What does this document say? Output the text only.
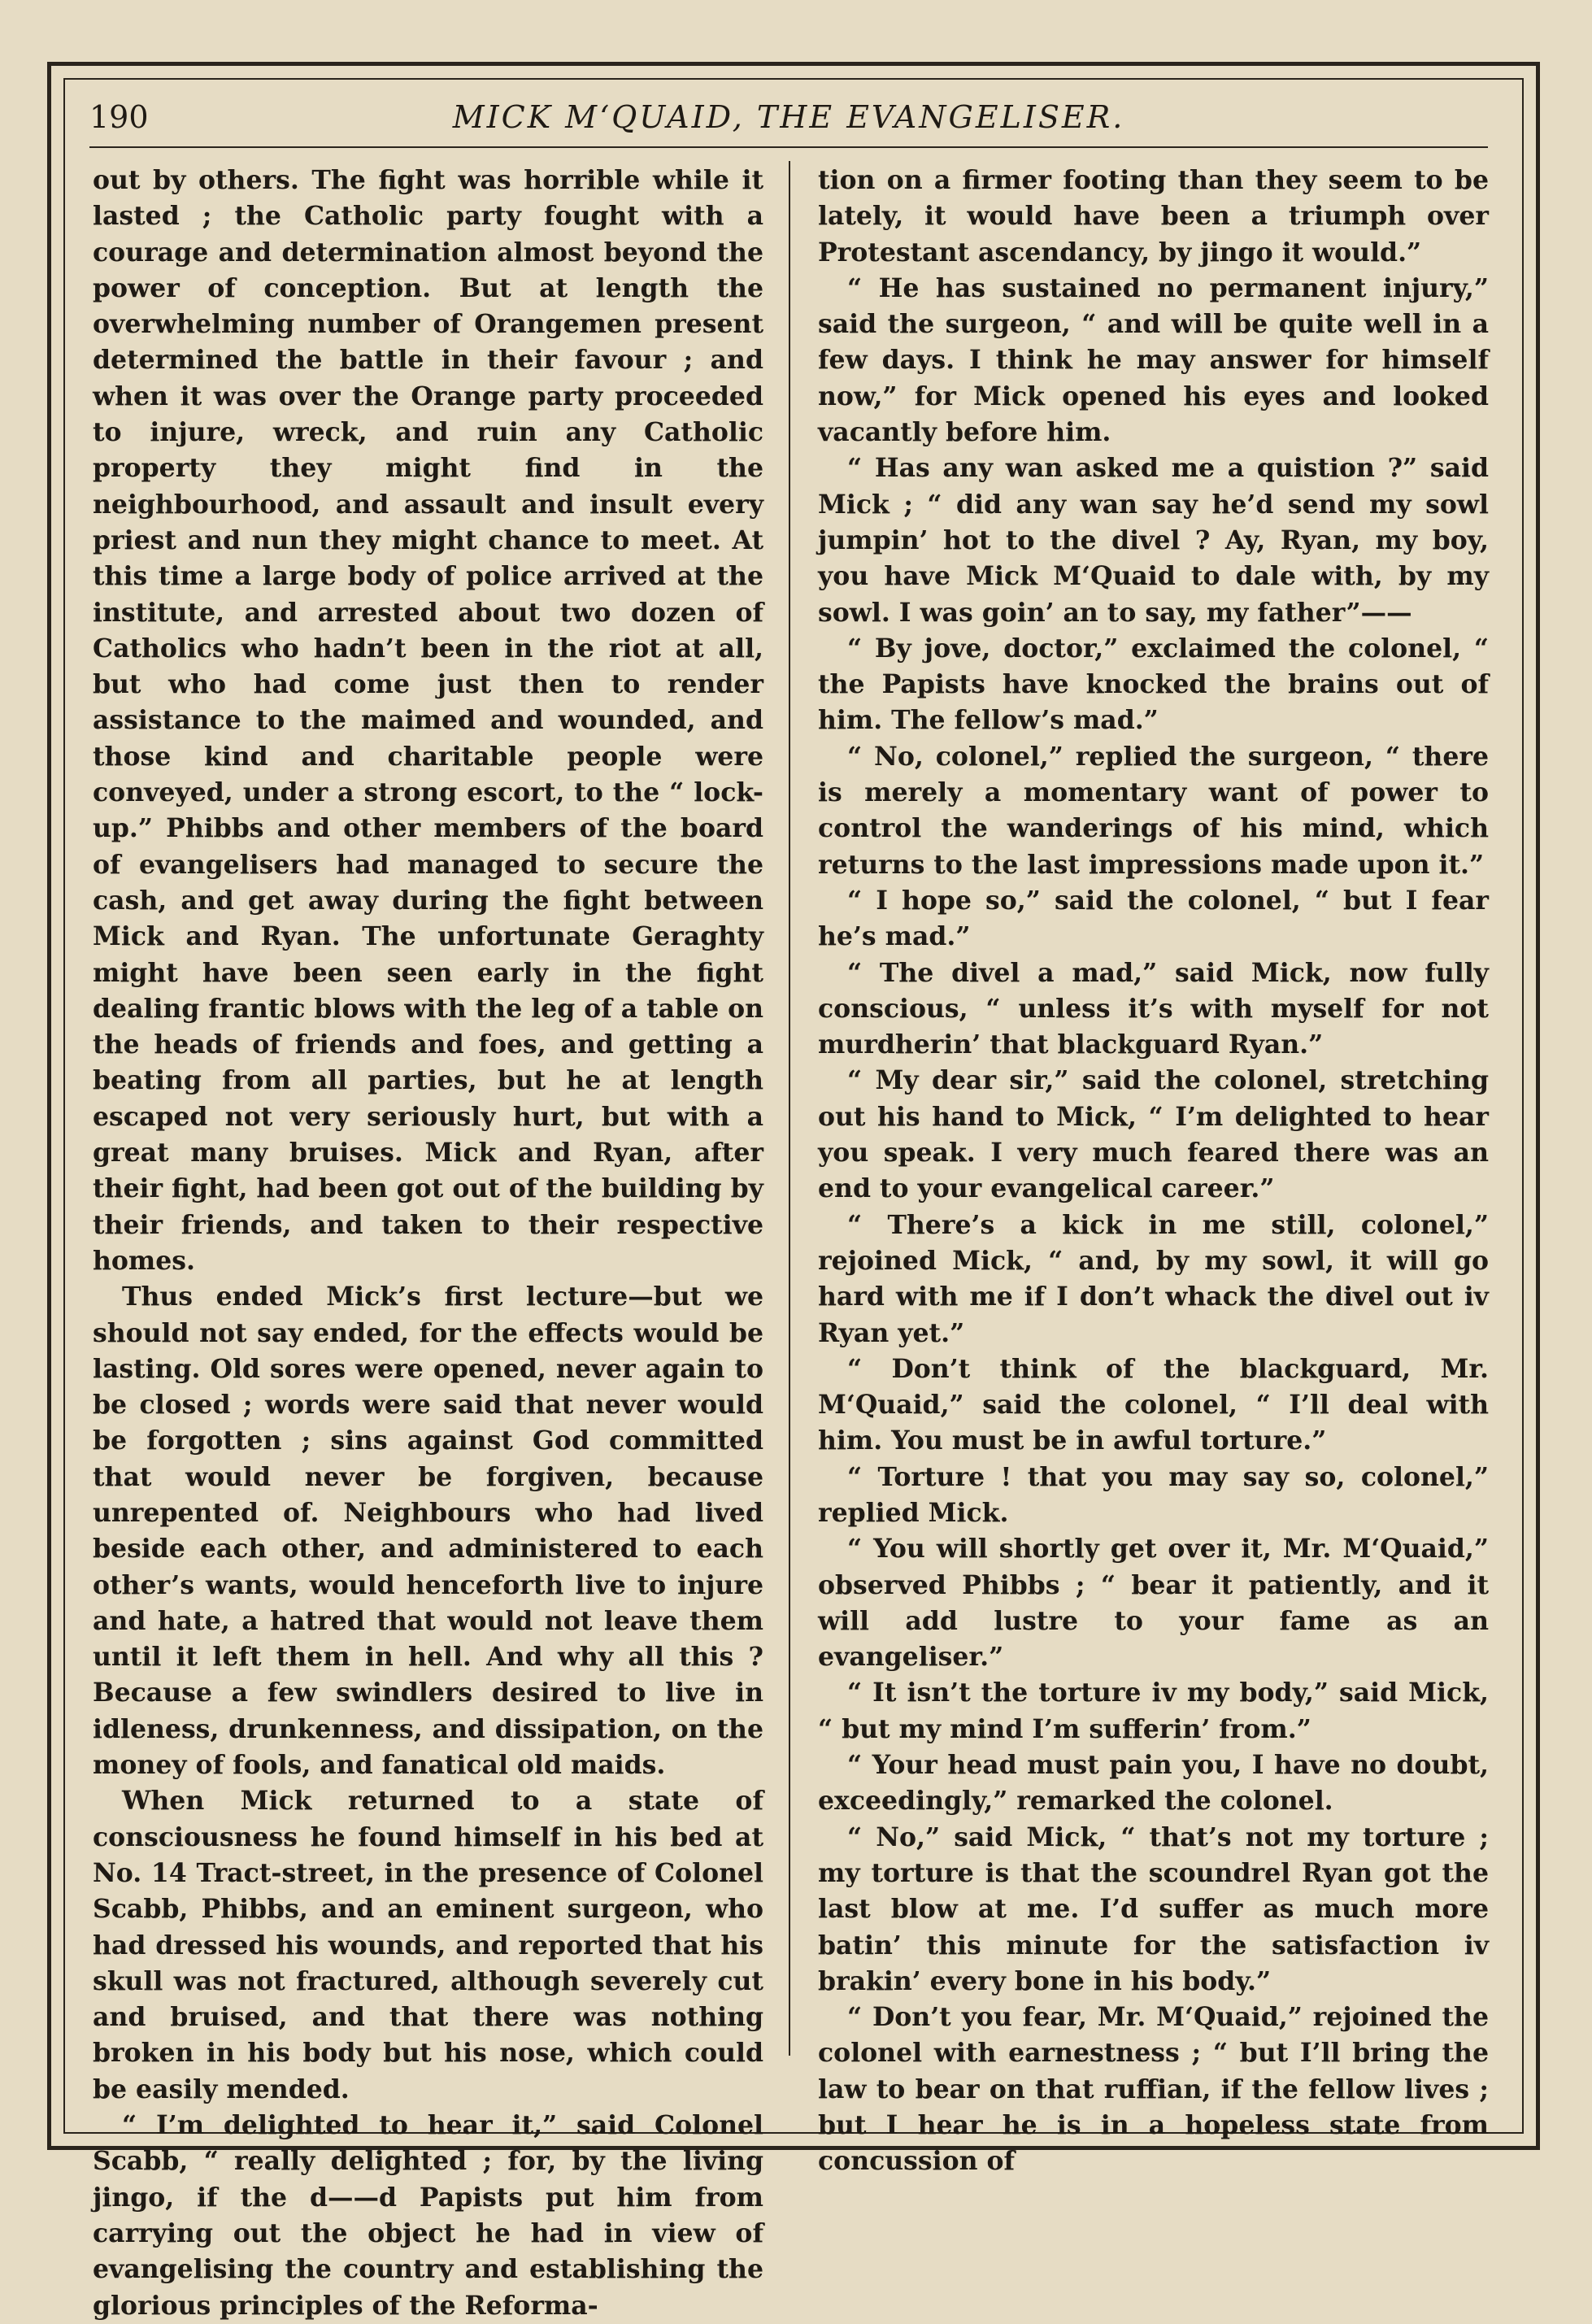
190	MICK M‘QUAID, THE EVANGELISER.

out by others. The fight was horrible while it lasted ; the Catholic party fought with a courage and determination almost beyond the power of conception. But at length the overwhelming number of Orangemen present determined the battle in their favour ; and when it was over the Orange party proceeded to injure, wreck, and ruin any Catholic property they might find in the neighbourhood, and assault and insult every priest and nun they might chance to meet. At this time a large body of police arrived at the institute, and arrested about two dozen of Catholics who hadn’t been in the riot at all, but who had come just then to render assistance to the maimed and wounded, and those kind and charitable people were conveyed, under a strong escort, to the “ lock-up.” Phibbs and other members of the board of evangelisers had managed to secure the cash, and get away during the fight between Mick and Ryan. The unfortunate Geraghty might have been seen early in the fight dealing frantic blows with the leg of a table on the heads of friends and foes, and getting a beating from all parties, but he at length escaped not very seriously hurt, but with a great many bruises. Mick and Ryan, after their fight, had been got out of the building by their friends, and taken to their respective homes.

Thus ended Mick’s first lecture—but we should not say ended, for the effects would be lasting. Old sores were opened, never again to be closed ; words were said that never would be forgotten ; sins against God committed that would never be forgiven, because unrepented of. Neighbours who had lived beside each other, and administered to each other’s wants, would henceforth live to injure and hate, a hatred that would not leave them until it left them in hell. And why all this ? Because a few swindlers desired to live in idleness, drunkenness, and dissipation, on the money of fools, and fanatical old maids.

When Mick returned to a state of consciousness he found himself in his bed at No. 14 Tract-street, in the presence of Colonel Scabb, Phibbs, and an eminent surgeon, who had dressed his wounds, and reported that his skull was not fractured, although severely cut and bruised, and that there was nothing broken in his body but his nose, which could be easily mended.

“ I’m delighted to hear it,” said Colonel Scabb, “ really delighted ; for, by the living jingo, if the d——d Papists put him from carrying out the object he had in view of evangelising the country and establishing the glorious principles of the Reforma-

tion on a firmer footing than they seem to be lately, it would have been a triumph over Protestant ascendancy, by jingo it would.”

“ He has sustained no permanent injury,” said the surgeon, “ and will be quite well in a few days. I think he may answer for himself now,” for Mick opened his eyes and looked vacantly before him.

“ Has any wan asked me a quistion ?” said Mick ; “ did any wan say he’d send my sowl jumpin’ hot to the divel ? Ay, Ryan, my boy, you have Mick M‘Quaid to dale with, by my sowl. I was goin’ an to say, my father”——

“ By jove, doctor,” exclaimed the colonel, “ the Papists have knocked the brains out of him. The fellow’s mad.”

“ No, colonel,” replied the surgeon, “ there is merely a momentary want of power to control the wanderings of his mind, which returns to the last impressions made upon it.”

“ I hope so,” said the colonel, “ but I fear he’s mad.”

“ The divel a mad,” said Mick, now fully conscious, “ unless it’s with myself for not murdherin’ that blackguard Ryan.”

“ My dear sir,” said the colonel, stretching out his hand to Mick, “ I’m delighted to hear you speak. I very much feared there was an end to your evangelical career.”

“ There’s a kick in me still, colonel,” rejoined Mick, “ and, by my sowl, it will go hard with me if I don’t whack the divel out iv Ryan yet.”

“ Don’t think of the blackguard, Mr. M‘Quaid,” said the colonel, “ I’ll deal with him. You must be in awful torture.”

“ Torture ! that you may say so, colonel,” replied Mick.

“ You will shortly get over it, Mr. M‘Quaid,” observed Phibbs ; “ bear it patiently, and it will add lustre to your fame as an evangeliser.”

“ It isn’t the torture iv my body,” said Mick, “ but my mind I’m sufferin’ from.”

“ Your head must pain you, I have no doubt, exceedingly,” remarked the colonel.

“ No,” said Mick, “ that’s not my torture ; my torture is that the scoundrel Ryan got the last blow at me. I’d suffer as much more batin’ this minute for the satisfaction iv brakin’ every bone in his body.”

“ Don’t you fear, Mr. M‘Quaid,” rejoined the colonel with earnestness ; “ but I’ll bring the law to bear on that ruffian, if the fellow lives ; but I hear he is in a hopeless state from concussion of
